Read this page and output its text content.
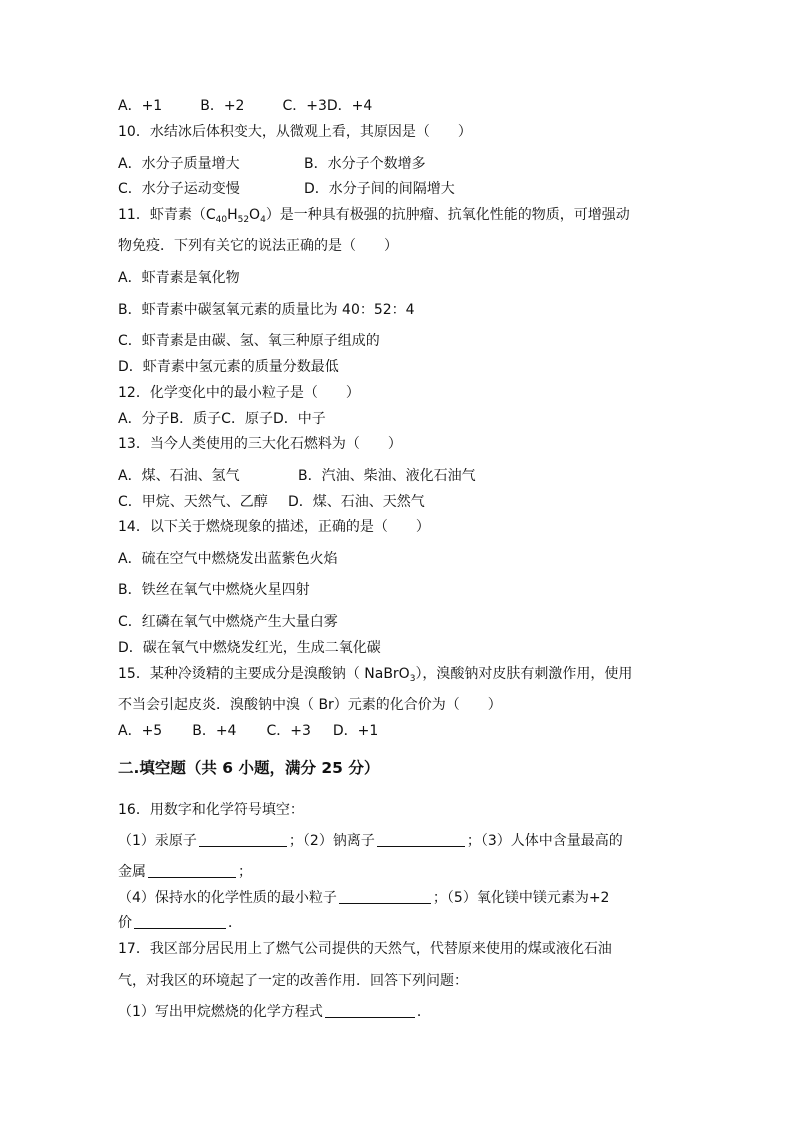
A．+1	B．+2	C．+3D．+4
10．水结冰后体积变大，从微观上看，其原因是（　　）
A．水分子质量增大	B．水分子个数增多
C．水分子运动变慢	D．水分子间的间隔增大
11．虾青素$(C_{40}H_{52}O_4)$是一种具有极强的抗肿瘤、抗氧化性能的物质，可增强动
物免疫．下列有关它的说法正确的是（　　）
A．虾青素是氧化物
B．虾青素中碳氢氧元素的质量比为 40：52：4
C．虾青素是由碳、氢、氧三种原子组成的
D．虾青素中氢元素的质量分数最低
12．化学变化中的最小粒子是（　　）
A．分子B．质子C．原子D．中子
13．当今人类使用的三大化石燃料为（　　）
A．煤、石油、氢气	B．汽油、柴油、液化石油气
C．甲烷、天然气、乙醇 D．煤、石油、天然气
14．以下关于燃烧现象的描述，正确的是（　　）
A．硫在空气中燃烧发出蓝紫色火焰
B．铁丝在氧气中燃烧火星四射
C．红磷在氧气中燃烧产生大量白雾
D．碳在氧气中燃烧发红光，生成二氧化碳
15．某种冷烫精的主要成分是溴酸钠（ NaBrO$_3$），溴酸钠对皮肤有刺激作用，使用
不当会引起皮炎．溴酸钠中溴（ Br）元素的化合价为（　　）
A．+5 B．+4 C．+3 D．+1
二.填空题（共 6 小题，满分 25 分）
16．用数字和化学符号填空：
（1）汞原子	；（2）钠离子	；（3）人体中含量最高的
金属	；
（4）保持水的化学性质的最小粒子	；（5）氧化镁中镁元素为+2
价	．
17．我区部分居民用上了燃气公司提供的天然气，代替原来使用的煤或液化石油
气，对我区的环境起了一定的改善作用．回答下列问题：
（1）写出甲烷燃烧的化学方程式	．
